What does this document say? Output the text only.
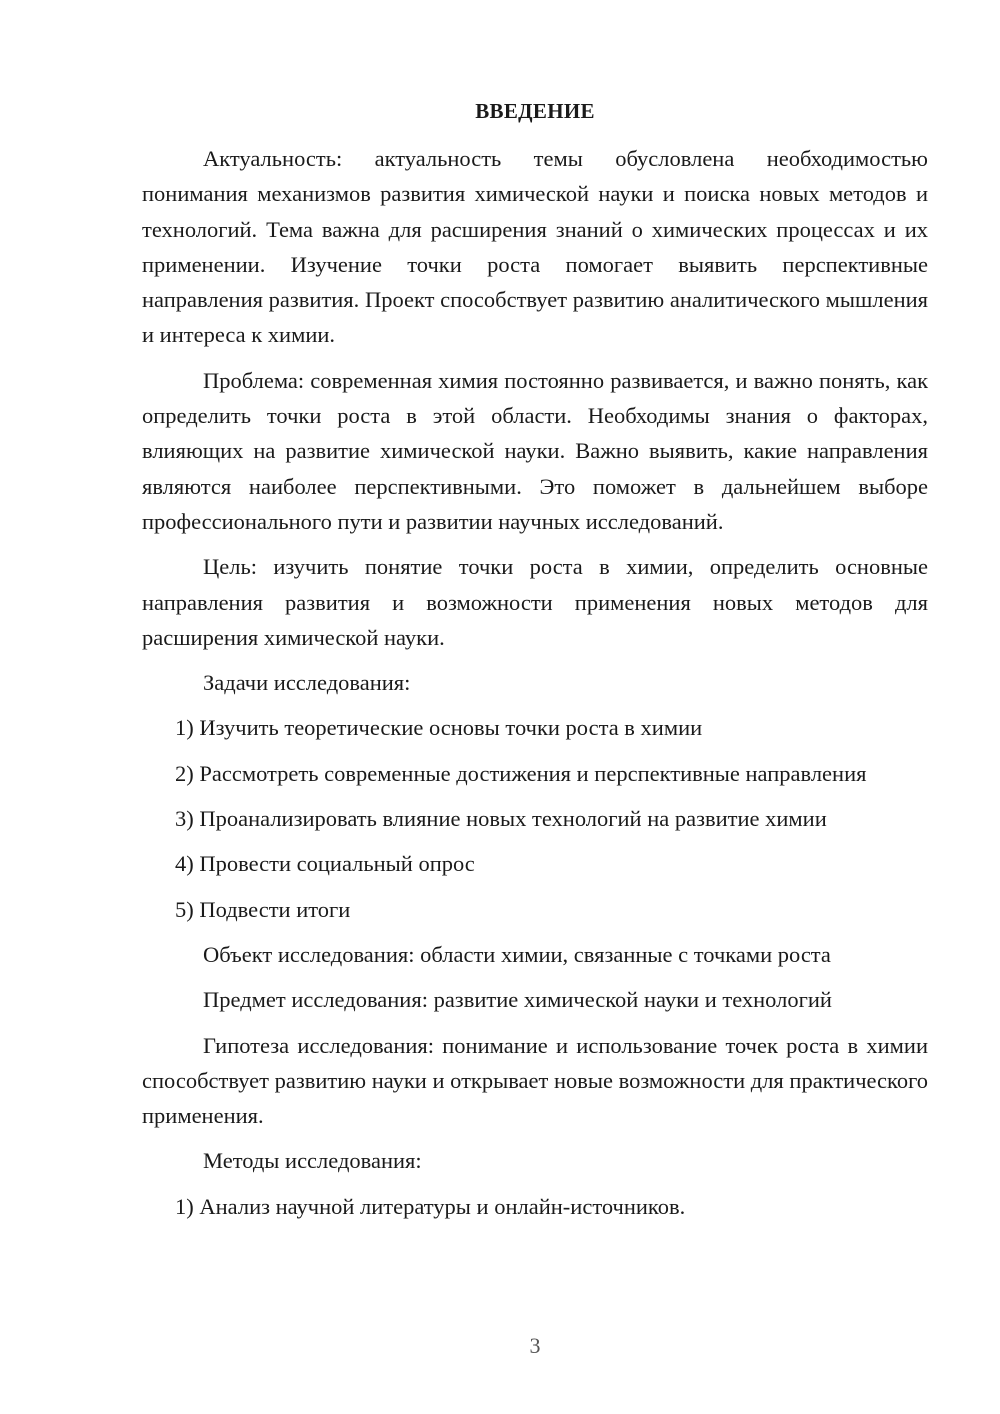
ВВЕДЕНИЕ

Актуальность: актуальность темы обусловлена необходимостью понимания механизмов развития химической науки и поиска новых методов и технологий. Тема важна для расширения знаний о химических процессах и их применении. Изучение точки роста помогает выявить перспективные направления развития. Проект способствует развитию аналитического мышления и интереса к химии.

Проблема: современная химия постоянно развивается, и важно понять, как определить точки роста в этой области. Необходимы знания о факторах, влияющих на развитие химической науки. Важно выявить, какие направления являются наиболее перспективными. Это поможет в дальнейшем выборе профессионального пути и развитии научных исследований.

Цель: изучить понятие точки роста в химии, определить основные направления развития и возможности применения новых методов для расширения химической науки.

Задачи исследования:

1) Изучить теоретические основы точки роста в химии

2) Рассмотреть современные достижения и перспективные направления

3) Проанализировать влияние новых технологий на развитие химии

4) Провести социальный опрос

5) Подвести итоги

Объект исследования: области химии, связанные с точками роста

Предмет исследования: развитие химической науки и технологий

Гипотеза исследования: понимание и использование точек роста в химии способствует развитию науки и открывает новые возможности для практического применения.

Методы исследования:

1) Анализ научной литературы и онлайн-источников.

3
